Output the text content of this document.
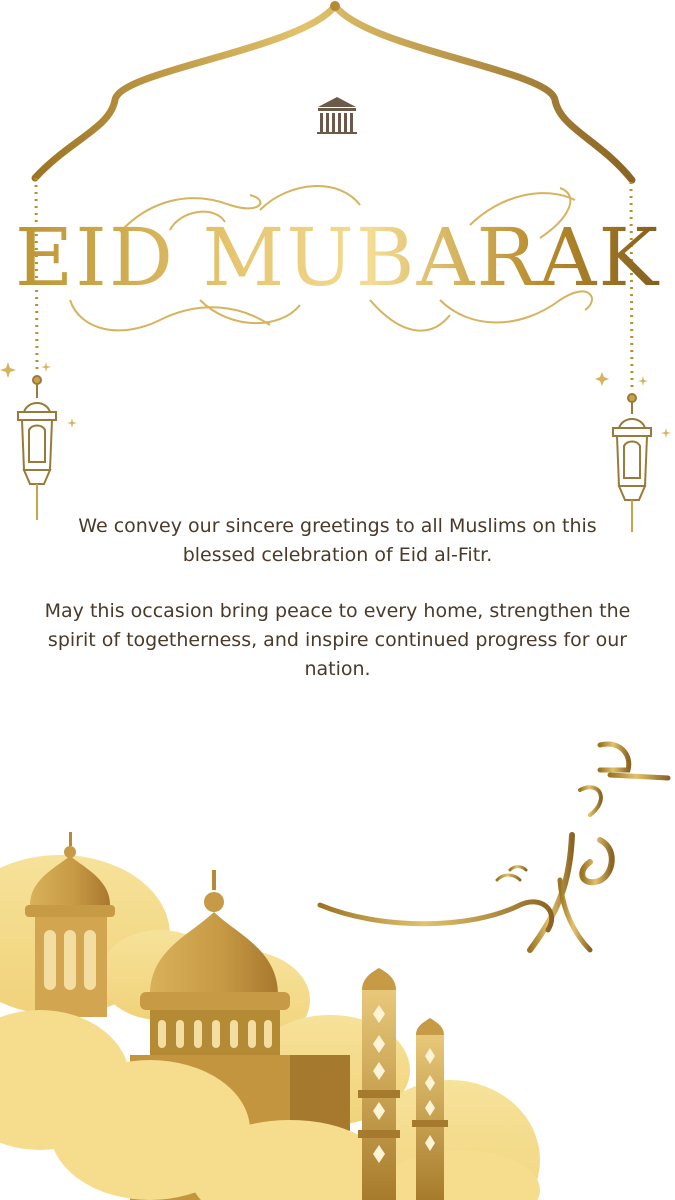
EID MUBARAK
We convey our sincere greetings to all Muslims on this blessed celebration of Eid al-Fitr.
May this occasion bring peace to every home, strengthen the spirit of togetherness, and inspire continued progress for our nation.
